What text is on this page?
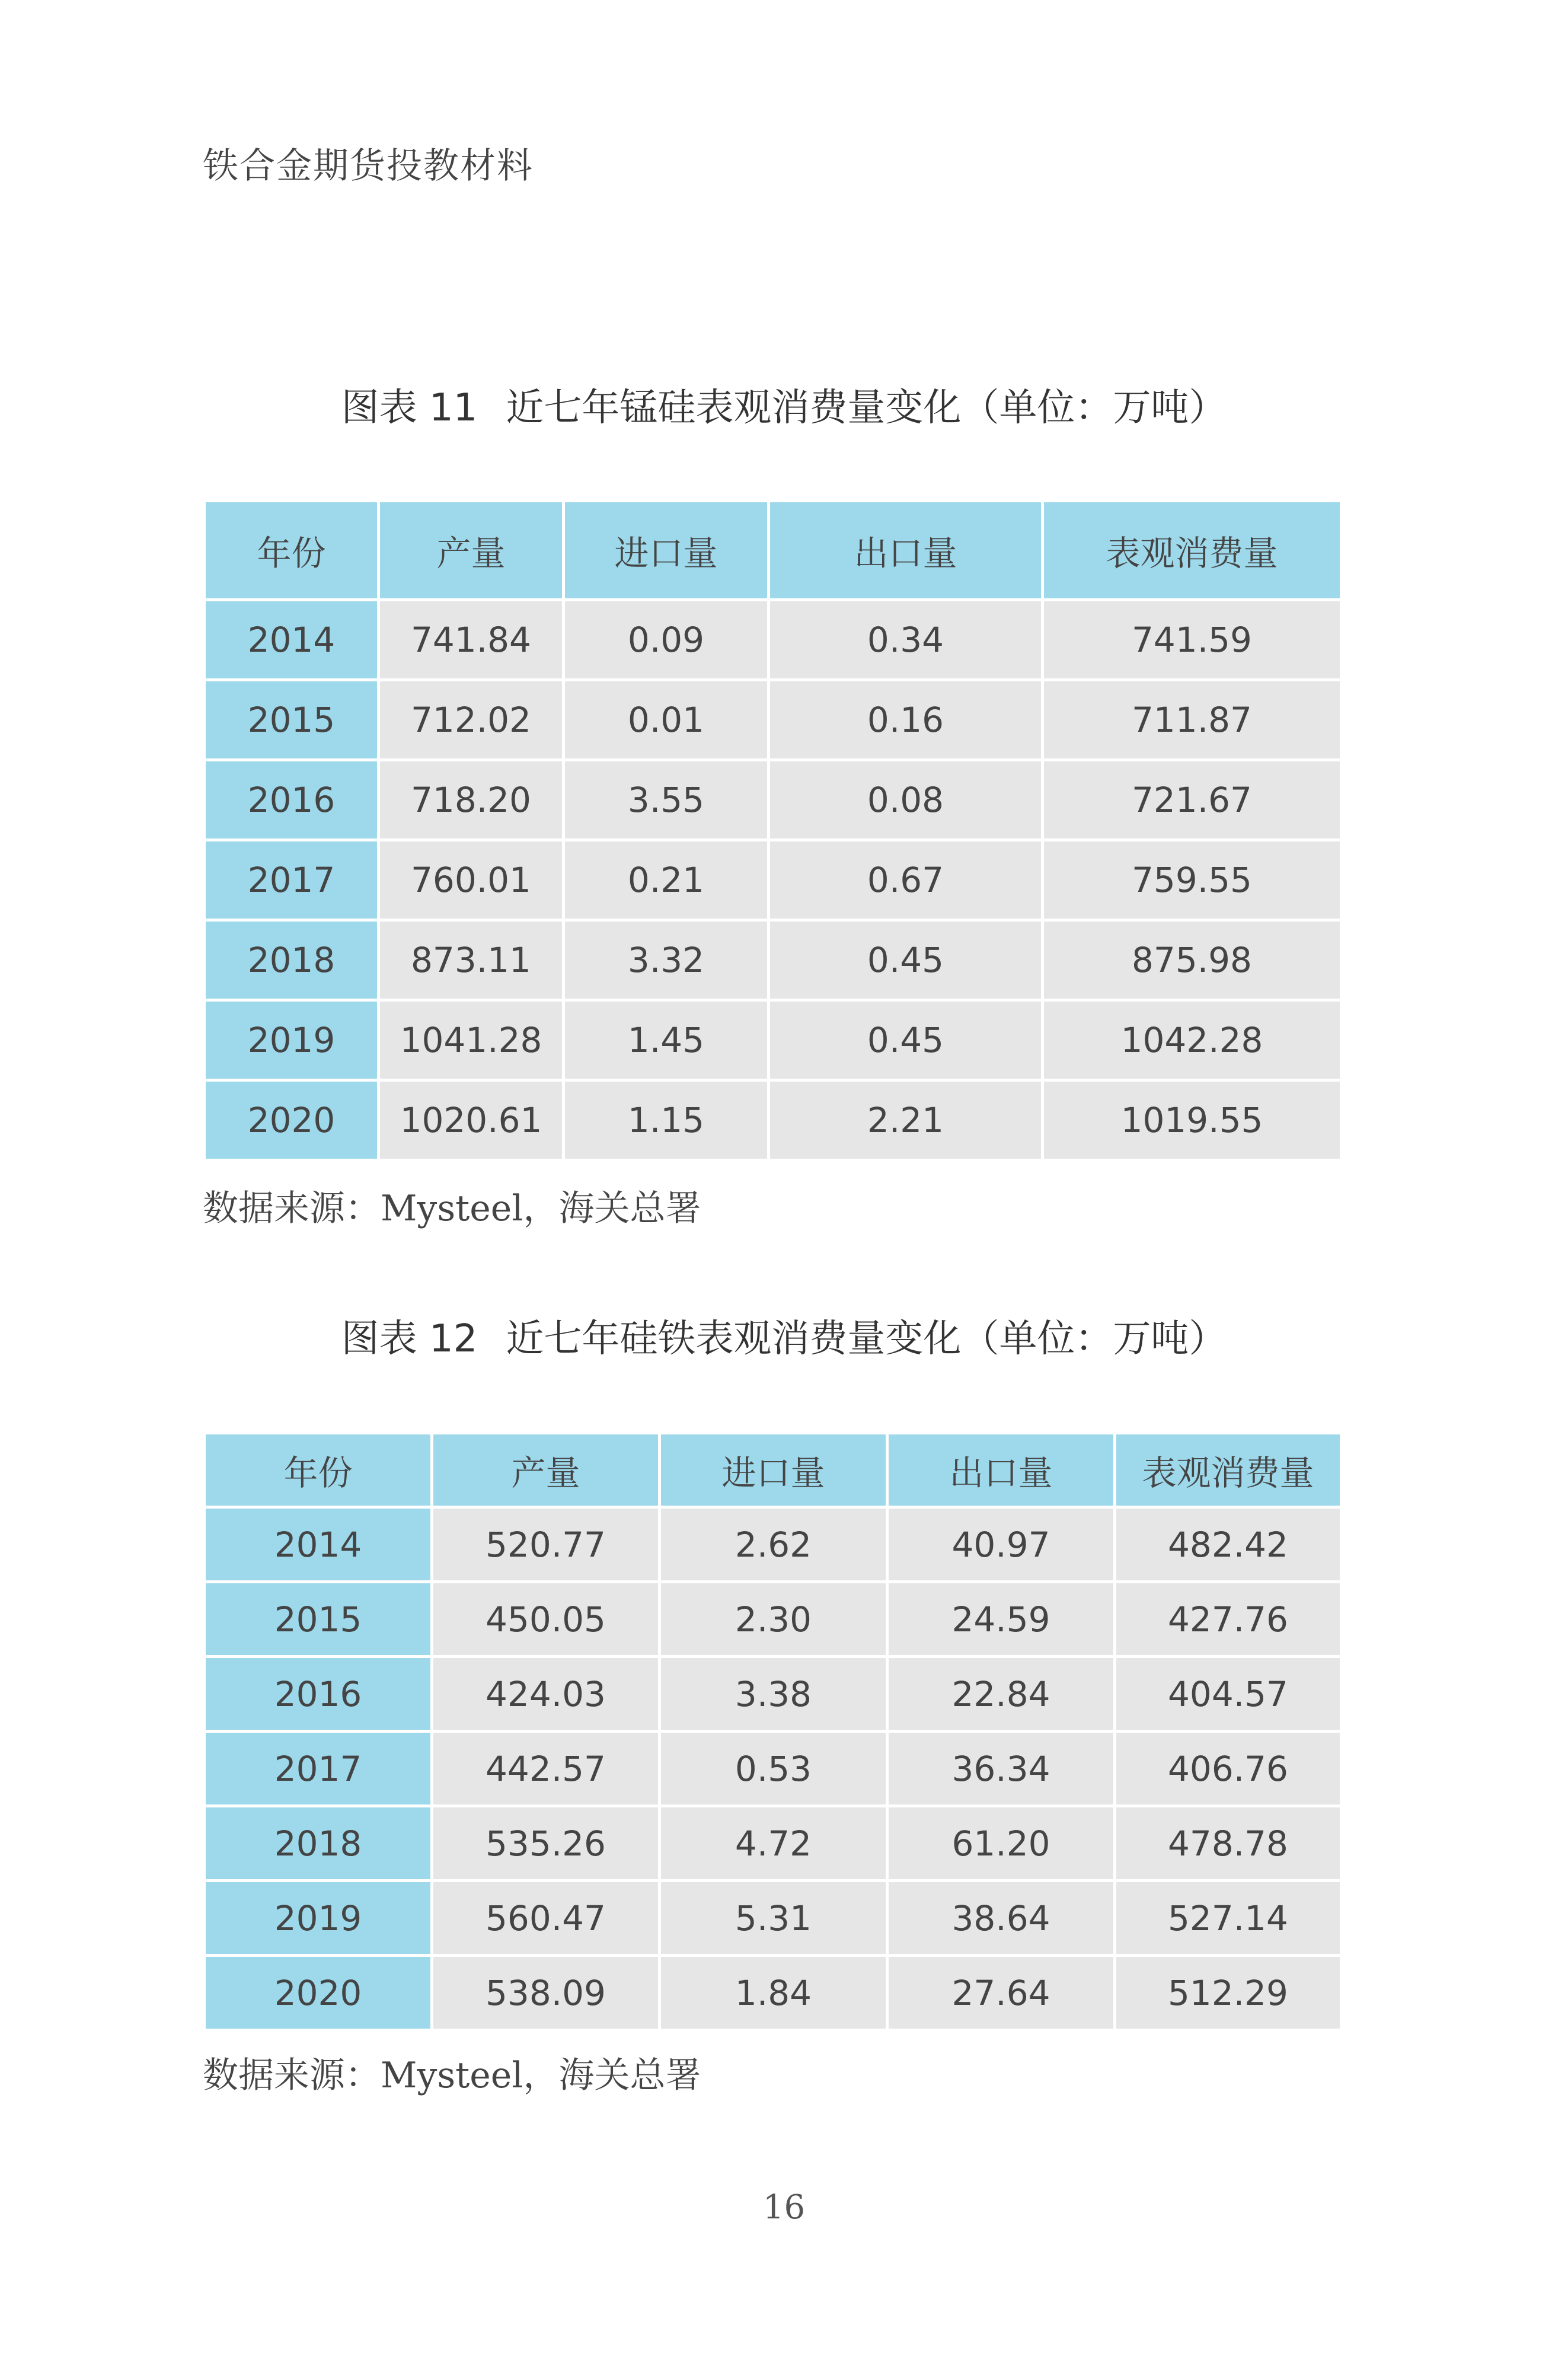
铁合金期货投教材料
图表 11 近七年锰硅表观消费量变化（单位：万吨）
年份	产量	进口量	出口量	表观消费量
2014	741.84	0.09	0.34	741.59
2015	712.02	0.01	0.16	711.87
2016	718.20	3.55	0.08	721.67
2017	760.01	0.21	0.67	759.55
2018	873.11	3.32	0.45	875.98
2019	1041.28	1.45	0.45	1042.28
2020	1020.61	1.15	2.21	1019.55
数据来源：Mysteel，海关总署
图表 12 近七年硅铁表观消费量变化（单位：万吨）
年份	产量	进口量	出口量	表观消费量
2014	520.77	2.62	40.97	482.42
2015	450.05	2.30	24.59	427.76
2016	424.03	3.38	22.84	404.57
2017	442.57	0.53	36.34	406.76
2018	535.26	4.72	61.20	478.78
2019	560.47	5.31	38.64	527.14
2020	538.09	1.84	27.64	512.29
数据来源：Mysteel，海关总署
16
